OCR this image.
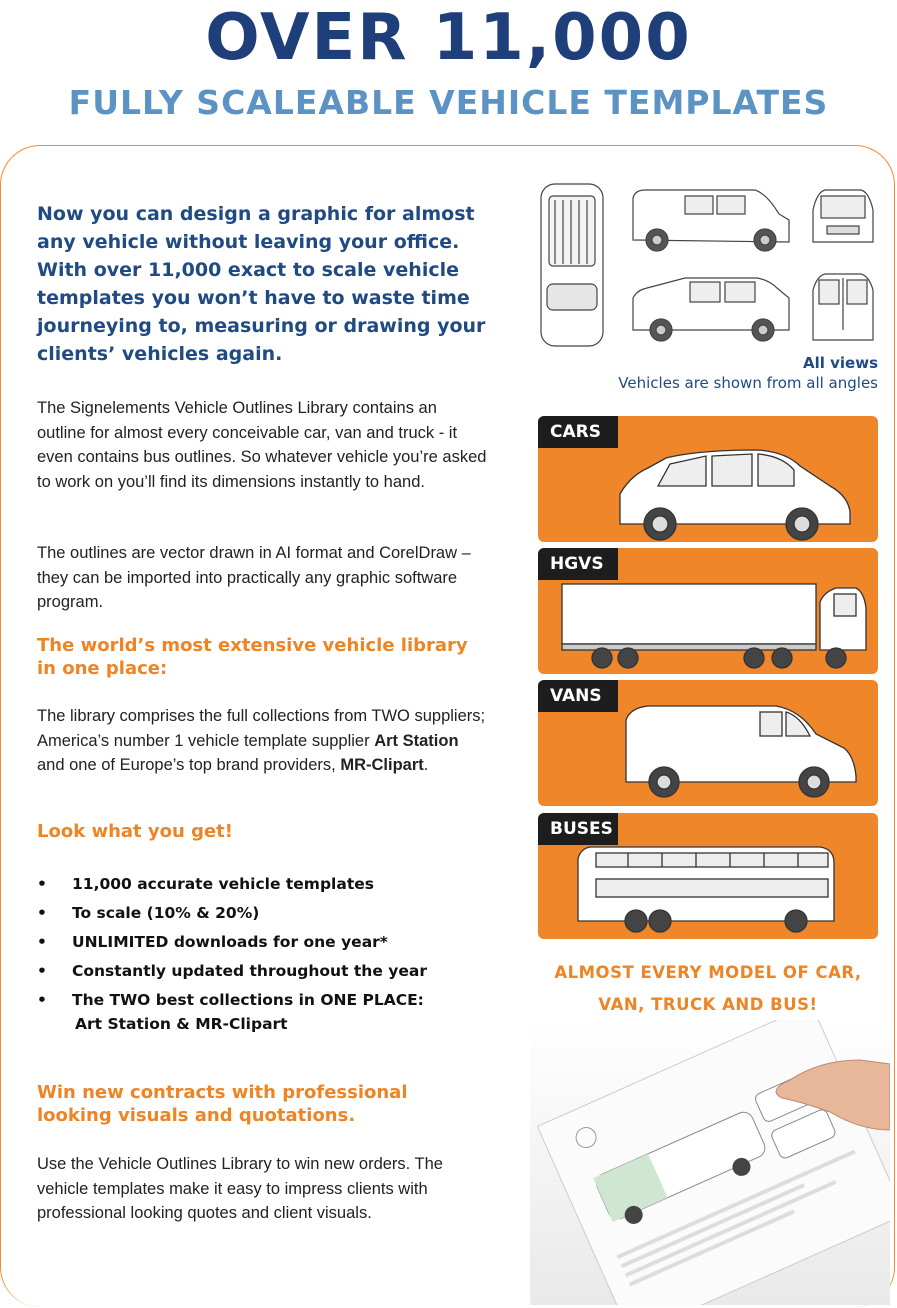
OVER 11,000
FULLY SCALEABLE VEHICLE TEMPLATES
Now you can design a graphic for almost any vehicle without leaving your office. With over 11,000 exact to scale vehicle templates you won’t have to waste time journeying to, measuring or drawing your clients’ vehicles again.
The Signelements Vehicle Outlines Library contains an outline for almost every conceivable car, van and truck - it even contains bus outlines. So whatever vehicle you’re asked to work on you’ll find its dimensions instantly to hand.
The outlines are vector drawn in AI format and CorelDraw – they can be imported into practically any graphic software program.
The world’s most extensive vehicle library in one place:
The library comprises the full collections from TWO suppliers; America’s number 1 vehicle template supplier Art Station and one of Europe’s top brand providers, MR-Clipart.
Look what you get!
• 11,000 accurate vehicle templates
• To scale (10% & 20%)
• UNLIMITED downloads for one year*
• Constantly updated throughout the year
• The TWO best collections in ONE PLACE:
Art Station & MR-Clipart
Win new contracts with professional looking visuals and quotations.
Use the Vehicle Outlines Library to win new orders. The vehicle templates make it easy to impress clients with professional looking quotes and client visuals.
All views
Vehicles are shown from all angles
CARS
HGVS
VANS
BUSES
ALMOST EVERY MODEL OF CAR,
VAN, TRUCK AND BUS!
